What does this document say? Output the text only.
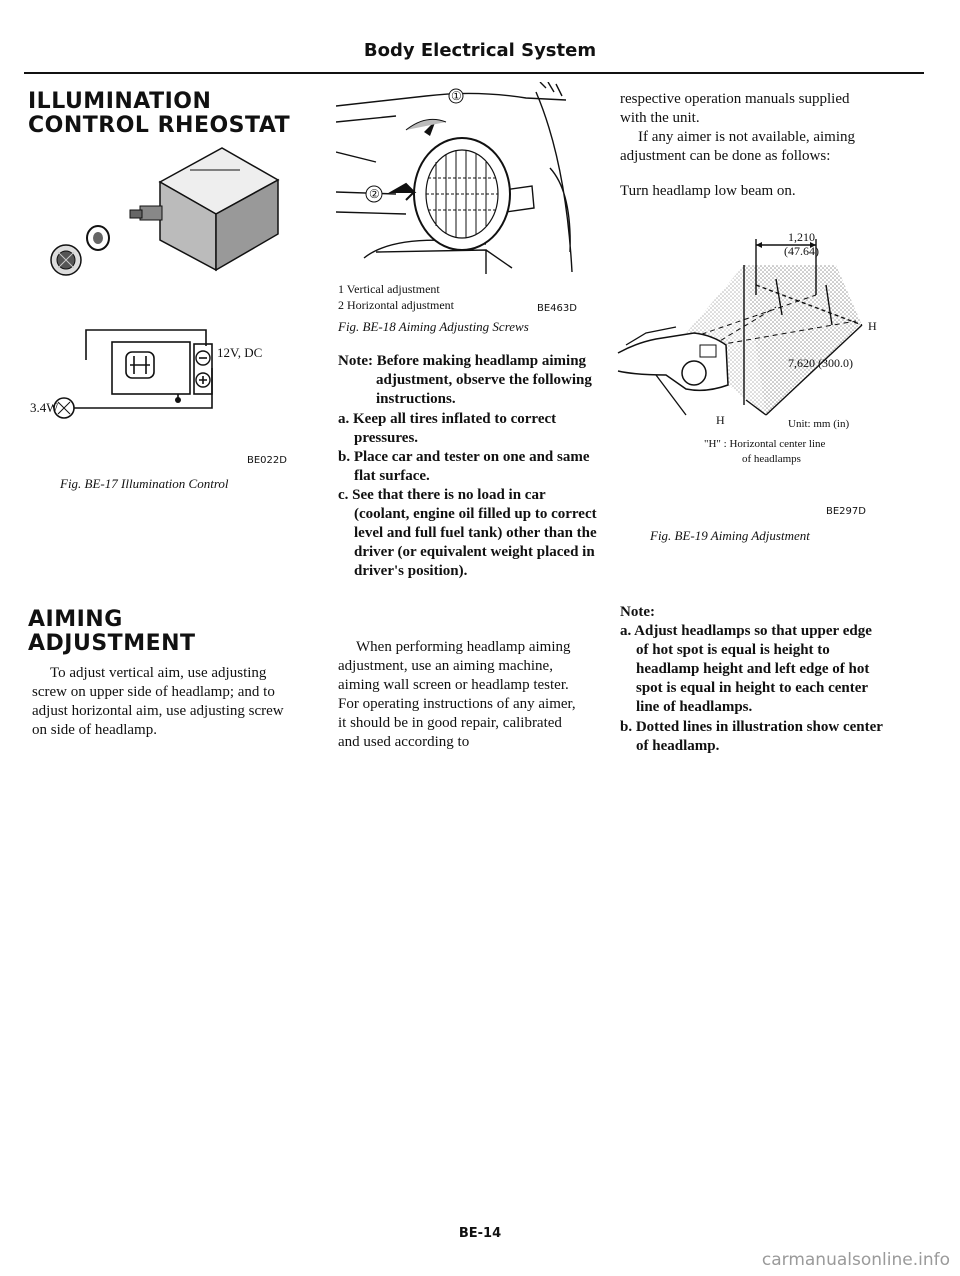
Body Electrical System
ILLUMINATION
CONTROL RHEOSTAT
12V, DC
3.4W
BE022D
Fig. BE-17 Illumination Control
AIMING
ADJUSTMENT
To adjust vertical aim, use adjusting screw on upper side of headlamp; and to adjust horizontal aim, use adjusting screw on side of headlamp.
①
②
1 Vertical adjustment
2 Horizontal adjustment	BE463D
Fig. BE-18 Aiming Adjusting Screws
Note: Before making headlamp aiming adjustment, observe the following instructions.
a. Keep all tires inflated to correct pressures.
b. Place car and tester on one and same flat surface.
c. See that there is no load in car (coolant, engine oil filled up to correct level and full fuel tank) other than the driver (or equivalent weight placed in driver's position).
When performing headlamp aiming adjustment, use an aiming machine, aiming wall screen or headlamp tester. For operating instructions of any aimer, it should be in good repair, calibrated and used according to
respective operation manuals supplied with the unit.
If any aimer is not available, aiming adjustment can be done as follows:
Turn headlamp low beam on.
1,210
(47.64)
H
7,620 (300.0)
H	Unit: mm (in)
"H" : Horizontal center line
of headlamps
BE297D
Fig. BE-19 Aiming Adjustment
Note:
a. Adjust headlamps so that upper edge of hot spot is equal is height to headlamp height and left edge of hot spot is equal in height to each center line of headlamps.
b. Dotted lines in illustration show center of headlamp.
BE-14
carmanualsonline.info
